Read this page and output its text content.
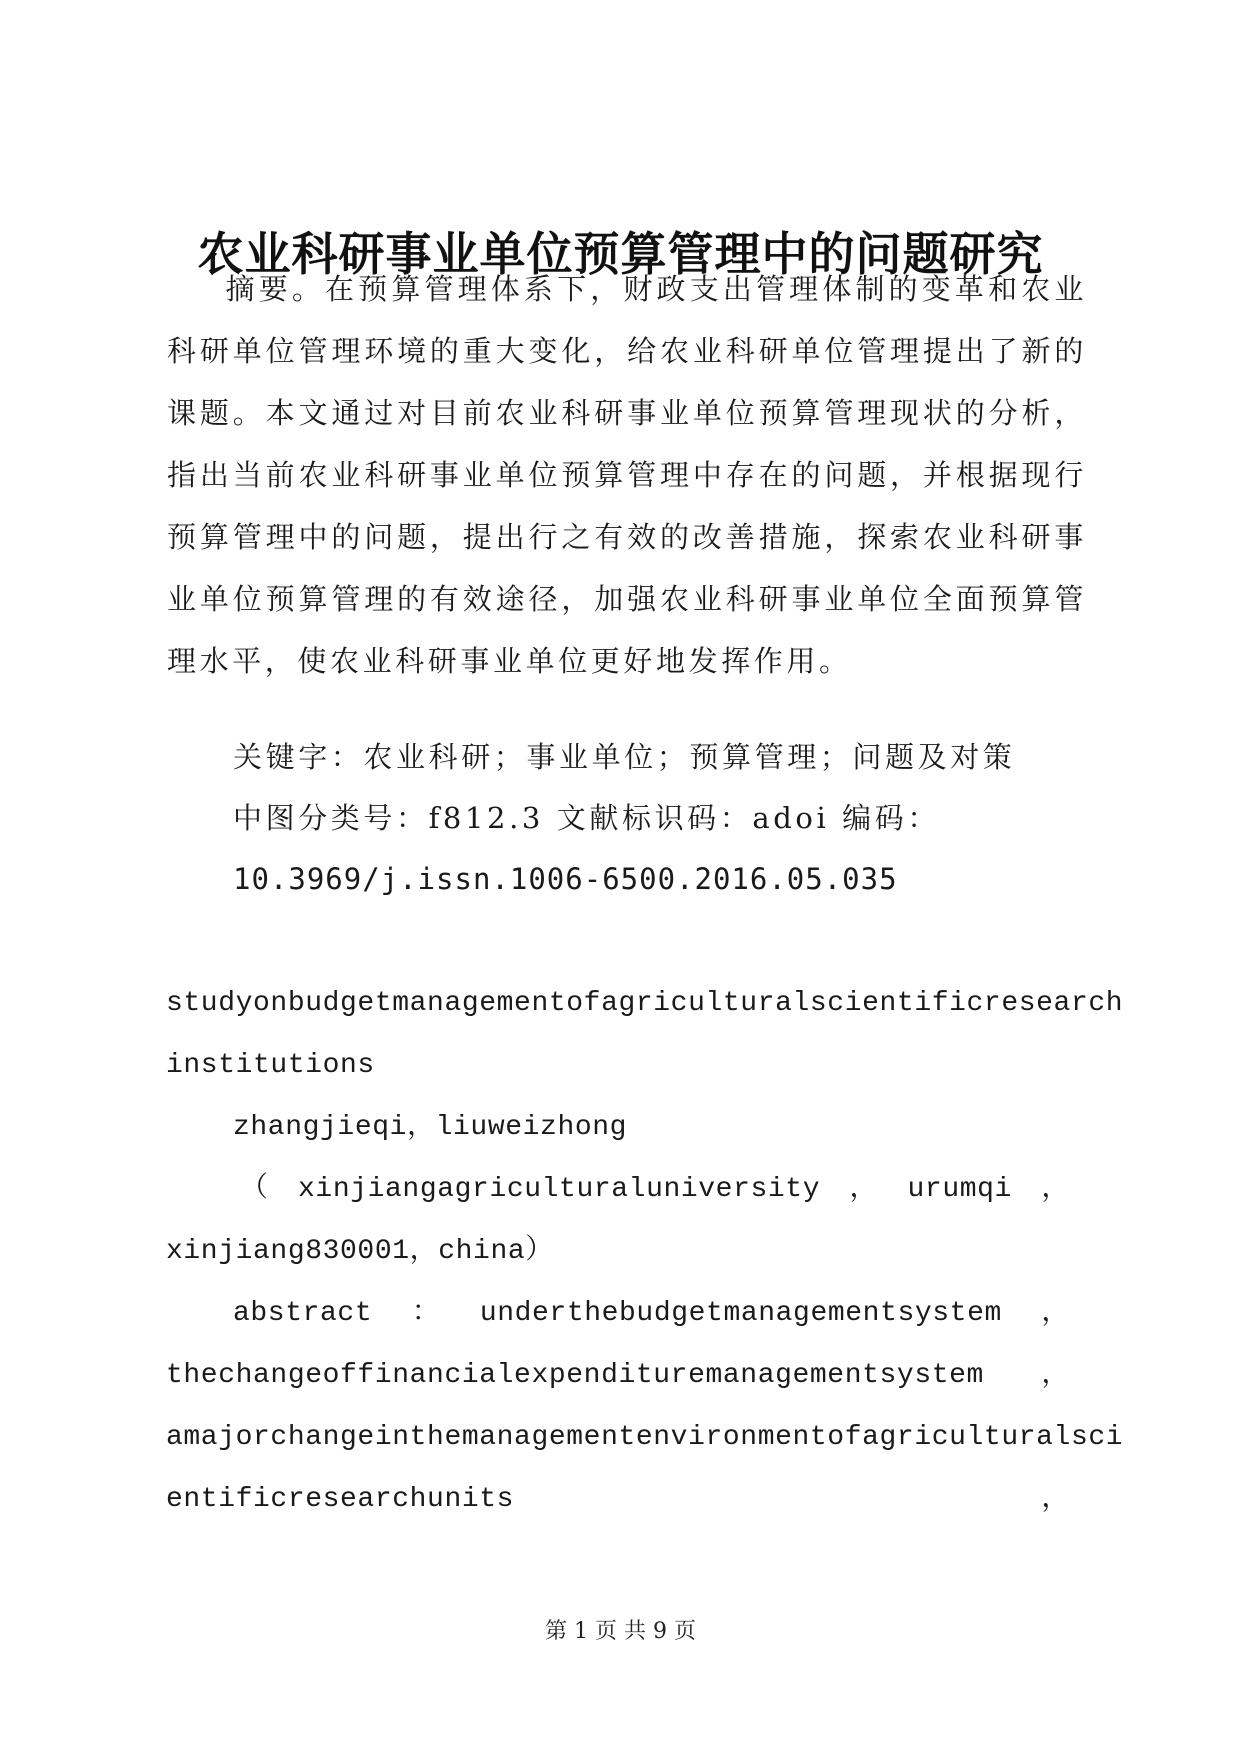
农业科研事业单位预算管理中的问题研究
摘要。在预算管理体系下，财政支出管理体制的变革和农业科研单位管理环境的重大变化，给农业科研单位管理提出了新的课题。本文通过对目前农业科研事业单位预算管理现状的分析，指出当前农业科研事业单位预算管理中存在的问题，并根据现行预算管理中的问题，提出行之有效的改善措施，探索农业科研事业单位预算管理的有效途径，加强农业科研事业单位全面预算管理水平，使农业科研事业单位更好地发挥作用。
关键字：农业科研；事业单位；预算管理；问题及对策
中图分类号：f812.3 文献标识码：adoi 编码：
10.3969/j.issn.1006-6500.2016.05.035
studyonbudgetmanagementofagriculturalscientificresearch
institutions
zhangjieqi，liuweizhong
（ xinjiangagriculturaluniversity ， urumqi ，
xinjiang830001，china）
abstract ： underthebudgetmanagementsystem ，
thechangeoffinancialexpendituremanagementsystem ，
amajorchangeinthemanagementenvironmentofagriculturalsci
entificresearchunits	，
第 1 页 共 9 页
